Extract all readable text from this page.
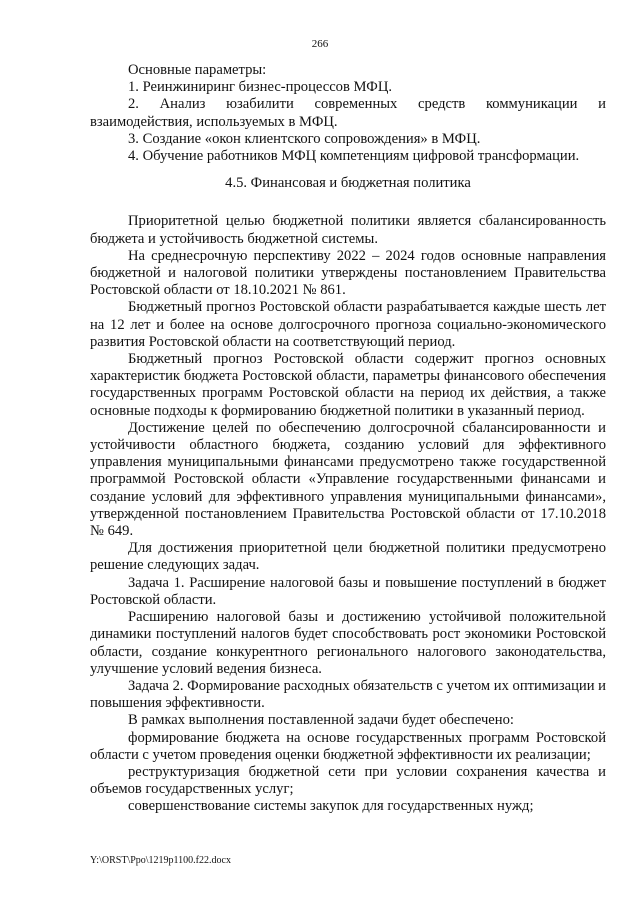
266

Основные параметры:

1. Реинжиниринг бизнес-процессов МФЦ.

2. Анализ юзабилити современных средств коммуникации и взаимодействия, используемых в МФЦ.

3. Создание «окон клиентского сопровождения» в МФЦ.

4. Обучение работников МФЦ компетенциям цифровой трансформации.

4.5. Финансовая и бюджетная политика

Приоритетной целью бюджетной политики является сбалансированность бюджета и устойчивость бюджетной системы.

На среднесрочную перспективу 2022 – 2024 годов основные направления бюджетной и налоговой политики утверждены постановлением Правительства Ростовской области от 18.10.2021 № 861.

Бюджетный прогноз Ростовской области разрабатывается каждые шесть лет на 12 лет и более на основе долгосрочного прогноза социально-экономического развития Ростовской области на соответствующий период.

Бюджетный прогноз Ростовской области содержит прогноз основных характеристик бюджета Ростовской области, параметры финансового обеспечения государственных программ Ростовской области на период их действия, а также основные подходы к формированию бюджетной политики в указанный период.

Достижение целей по обеспечению долгосрочной сбалансированности и устойчивости областного бюджета, созданию условий для эффективного управления муниципальными финансами предусмотрено также государственной программой Ростовской области «Управление государственными финансами и создание условий для эффективного управления муниципальными финансами», утвержденной постановлением Правительства Ростовской области от 17.10.2018 № 649.

Для достижения приоритетной цели бюджетной политики предусмотрено решение следующих задач.

Задача 1. Расширение налоговой базы и повышение поступлений в бюджет Ростовской области.

Расширению налоговой базы и достижению устойчивой положительной динамики поступлений налогов будет способствовать рост экономики Ростовской области, создание конкурентного регионального налогового законодательства, улучшение условий ведения бизнеса.

Задача 2. Формирование расходных обязательств с учетом их оптимизации и повышения эффективности.

В рамках выполнения поставленной задачи будет обеспечено:

формирование бюджета на основе государственных программ Ростовской области с учетом проведения оценки бюджетной эффективности их реализации;

реструктуризация бюджетной сети при условии сохранения качества и объемов государственных услуг;

совершенствование системы закупок для государственных нужд;

Y:\ORST\Ppo\1219p1100.f22.docx
